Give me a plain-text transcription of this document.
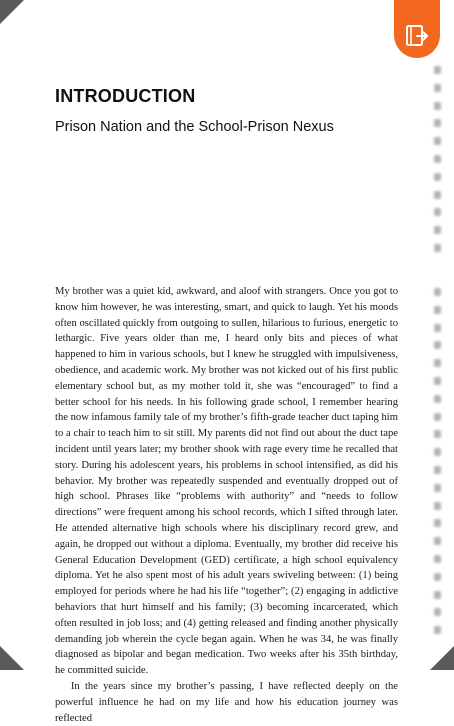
INTRODUCTION
Prison Nation and the School-Prison Nexus

My brother was a quiet kid, awkward, and aloof with strangers. Once you got to know him however, he was interesting, smart, and quick to laugh. Yet his moods often oscillated quickly from outgoing to sullen, hilarious to furious, energetic to lethargic. Five years older than me, I heard only bits and pieces of what happened to him in various schools, but I knew he struggled with impulsiveness, obedience, and academic work. My brother was not kicked out of his first public elementary school but, as my mother told it, she was “encouraged” to find a better school for his needs. In his following grade school, I remember hearing the now infamous family tale of my brother’s fifth-grade teacher duct taping him to a chair to teach him to sit still. My parents did not find out about the duct tape incident until years later; my brother shook with rage every time he recalled that story. During his adolescent years, his problems in school intensified, as did his behavior. My brother was repeatedly suspended and eventually dropped out of high school. Phrases like “problems with authority” and “needs to follow directions” were frequent among his school records, which I sifted through later. He attended alternative high schools where his disciplinary record grew, and again, he dropped out without a diploma. Eventually, my brother did receive his General Education Development (GED) certificate, a high school equivalency diploma. Yet he also spent most of his adult years swiveling between: (1) being employed for periods where he had his life “together”; (2) engaging in addictive behaviors that hurt himself and his family; (3) becoming incarcerated, which often resulted in job loss; and (4) getting released and finding another physically demanding job wherein the cycle began again. When he was 34, he was finally diagnosed as bipolar and began medication. Two weeks after his 35th birthday, he committed suicide.

In the years since my brother’s passing, I have reflected deeply on the powerful influence he had on my life and how his education journey was reflected
